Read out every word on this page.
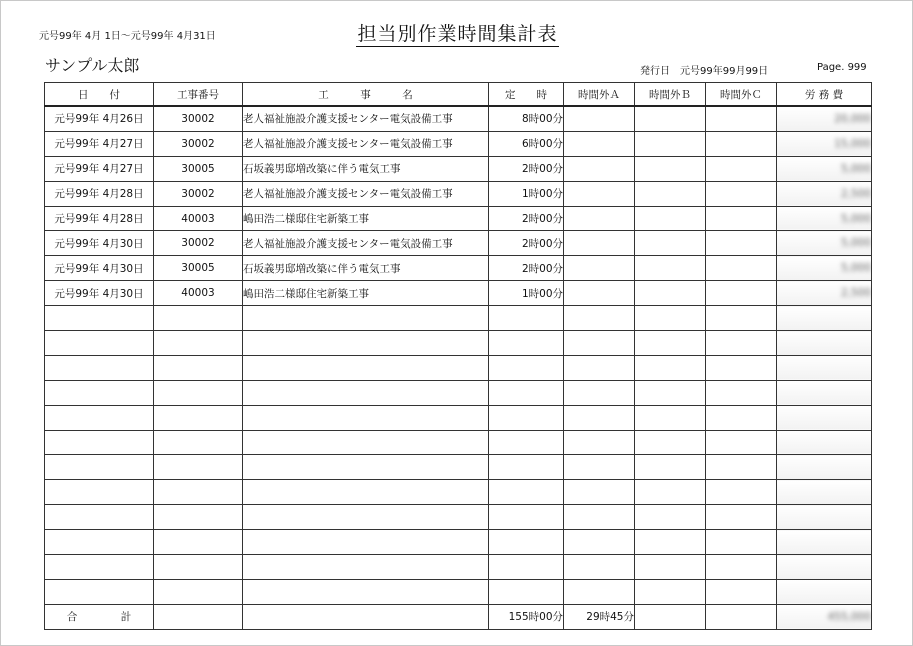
元号99年 4月 1日～元号99年 4月31日	担当別作業時間集計表
サンプル太郎	発行日 元号99年99月99日	Page. 999
日　　付	工事番号	工　　　事　　　名	定　　時	時間外Ａ	時間外Ｂ	時間外Ｃ	労 務 費
元号99年 4月26日	30002	老人福祉施設介護支援センター電気設備工事	8時00分				20,000
元号99年 4月27日	30002	老人福祉施設介護支援センター電気設備工事	6時00分				15,000
元号99年 4月27日	30005	石坂義男邸増改築に伴う電気工事	2時00分				5,000
元号99年 4月28日	30002	老人福祉施設介護支援センター電気設備工事	1時00分				2,500
元号99年 4月28日	40003	嶋田浩二様邸住宅新築工事	2時00分				5,000
元号99年 4月30日	30002	老人福祉施設介護支援センター電気設備工事	2時00分				5,000
元号99年 4月30日	30005	石坂義男邸増改築に伴う電気工事	2時00分				5,000
元号99年 4月30日	40003	嶋田浩二様邸住宅新築工事	1時00分				2,500

合 計			155時00分	29時45分			455,000
